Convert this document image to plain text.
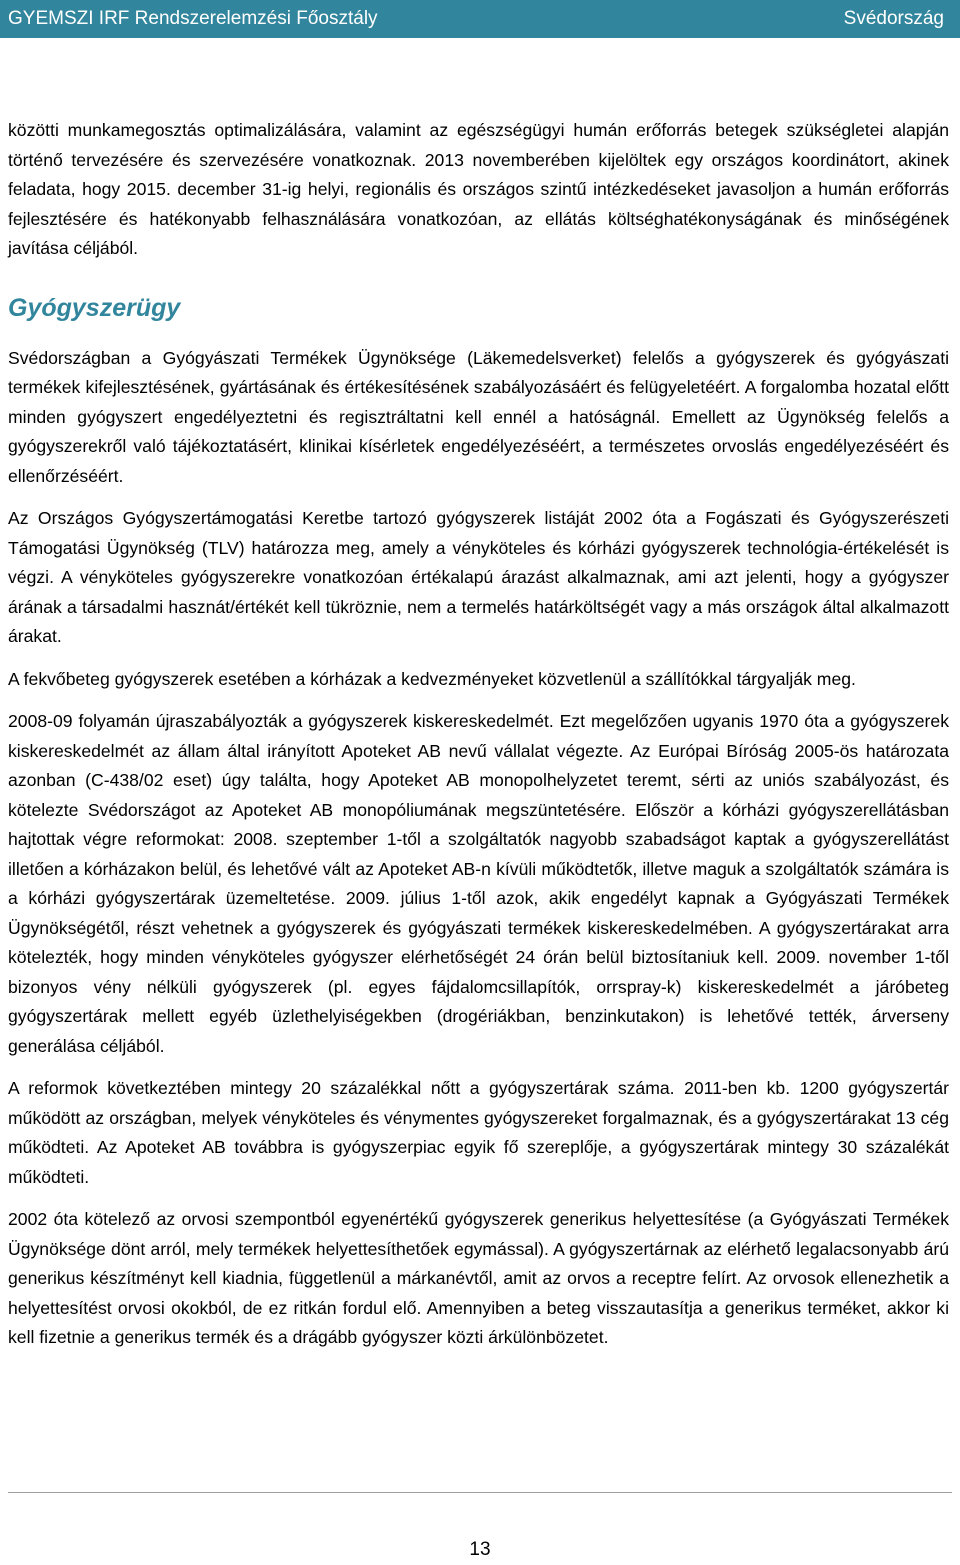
GYEMSZI IRF Rendszerelemzési Főosztály	Svédország

közötti munkamegosztás optimalizálására, valamint az egészségügyi humán erőforrás betegek szükségletei alapján történő tervezésére és szervezésére vonatkoznak. 2013 novemberében kijelöltek egy országos koordinátort, akinek feladata, hogy 2015. december 31-ig helyi, regionális és országos szintű intézkedéseket javasoljon a humán erőforrás fejlesztésére és hatékonyabb felhasználására vonatkozóan, az ellátás költséghatékonyságának és minőségének javítása céljából.

Gyógyszerügy

Svédországban a Gyógyászati Termékek Ügynöksége (Läkemedelsverket) felelős a gyógyszerek és gyógyászati termékek kifejlesztésének, gyártásának és értékesítésének szabályozásáért és felügyeletéért. A forgalomba hozatal előtt minden gyógyszert engedélyeztetni és regisztráltatni kell ennél a hatóságnál. Emellett az Ügynökség felelős a gyógyszerekről való tájékoztatásért, klinikai kísérletek engedélyezéséért, a természetes orvoslás engedélyezéséért és ellenőrzéséért.

Az Országos Gyógyszertámogatási Keretbe tartozó gyógyszerek listáját 2002 óta a Fogászati és Gyógyszerészeti Támogatási Ügynökség (TLV) határozza meg, amely a vényköteles és kórházi gyógyszerek technológia-értékelését is végzi. A vényköteles gyógyszerekre vonatkozóan értékalapú árazást alkalmaznak, ami azt jelenti, hogy a gyógyszer árának a társadalmi hasznát/értékét kell tükröznie, nem a termelés határköltségét vagy a más országok által alkalmazott árakat.

A fekvőbeteg gyógyszerek esetében a kórházak a kedvezményeket közvetlenül a szállítókkal tárgyalják meg.

2008-09 folyamán újraszabályozták a gyógyszerek kiskereskedelmét. Ezt megelőzően ugyanis 1970 óta a gyógyszerek kiskereskedelmét az állam által irányított Apoteket AB nevű vállalat végezte. Az Európai Bíróság 2005-ös határozata azonban (C-438/02 eset) úgy találta, hogy Apoteket AB monopolhelyzetet teremt, sérti az uniós szabályozást, és kötelezte Svédországot az Apoteket AB monopóliumának megszüntetésére. Először a kórházi gyógyszerellátásban hajtottak végre reformokat: 2008. szeptember 1-től a szolgáltatók nagyobb szabadságot kaptak a gyógyszerellátást illetően a kórházakon belül, és lehetővé vált az Apoteket AB-n kívüli működtetők, illetve maguk a szolgáltatók számára is a kórházi gyógyszertárak üzemeltetése. 2009. július 1-től azok, akik engedélyt kapnak a Gyógyászati Termékek Ügynökségétől, részt vehetnek a gyógyszerek és gyógyászati termékek kiskereskedelmében. A gyógyszertárakat arra kötelezték, hogy minden vényköteles gyógyszer elérhetőségét 24 órán belül biztosítaniuk kell. 2009. november 1-től bizonyos vény nélküli gyógyszerek (pl. egyes fájdalomcsillapítók, orrspray-k) kiskereskedelmét a járóbeteg gyógyszertárak mellett egyéb üzlethelyiségekben (drogériákban, benzinkutakon) is lehetővé tették, árverseny generálása céljából.

A reformok következtében mintegy 20 százalékkal nőtt a gyógyszertárak száma. 2011-ben kb. 1200 gyógyszertár működött az országban, melyek vényköteles és vénymentes gyógyszereket forgalmaznak, és a gyógyszertárakat 13 cég működteti. Az Apoteket AB továbbra is gyógyszerpiac egyik fő szereplője, a gyógyszertárak mintegy 30 százalékát működteti.

2002 óta kötelező az orvosi szempontból egyenértékű gyógyszerek generikus helyettesítése (a Gyógyászati Termékek Ügynöksége dönt arról, mely termékek helyettesíthetőek egymással). A gyógyszertárnak az elérhető legalacsonyabb árú generikus készítményt kell kiadnia, függetlenül a márkanévtől, amit az orvos a receptre felírt. Az orvosok ellenezhetik a helyettesítést orvosi okokból, de ez ritkán fordul elő. Amennyiben a beteg visszautasítja a generikus terméket, akkor ki kell fizetnie a generikus termék és a drágább gyógyszer közti árkülönbözetet.

13
